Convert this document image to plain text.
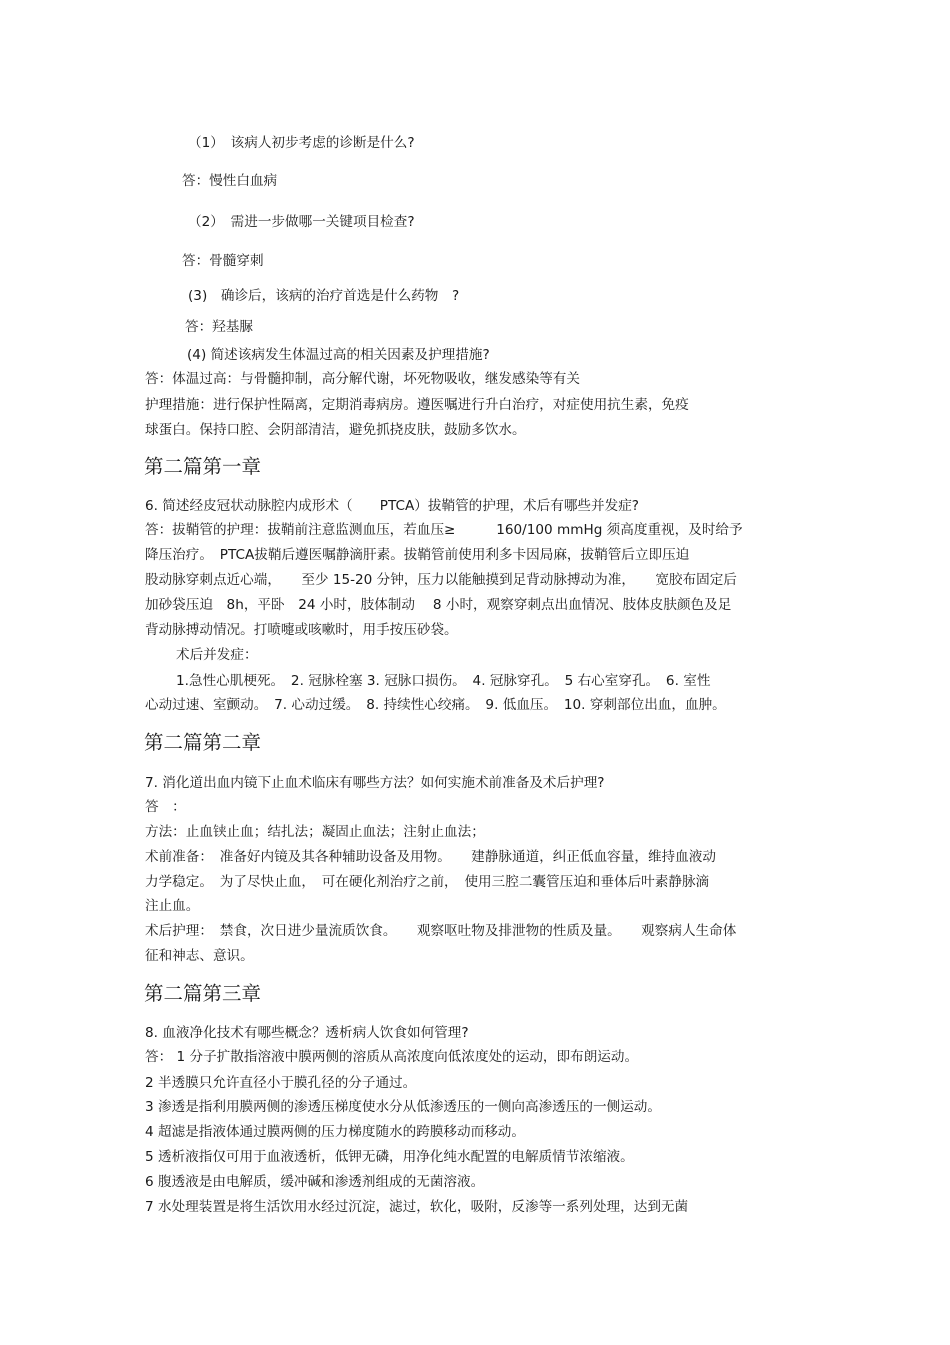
（1）　该病人初步考虑的诊断是什么?
答：慢性白血病
（2）　需进一步做哪一关键项目检查?
答：骨髓穿刺
(3)　确诊后，该病的治疗首选是什么药物　?
答：羟基脲
(4) 简述该病发生体温过高的相关因素及护理措施?
答：体温过高：与骨髓抑制，高分解代谢，坏死物吸收，继发感染等有关
护理措施：进行保护性隔离，定期消毒病房。遵医嘱进行升白治疗，对症使用抗生素，免疫
球蛋白。保持口腔、会阴部清洁，避免抓挠皮肤，鼓励多饮水。
第二篇第一章
6. 简述经皮冠状动脉腔内成形术（　　PTCA）拔鞘管的护理，术后有哪些并发症?
答：拔鞘管的护理：拔鞘前注意监测血压，若血压≥　　　160/100 mmHg 须高度重视，及时给予
降压治疗。　PTCA拔鞘后遵医嘱静滴肝素。拔鞘管前使用利多卡因局麻，拔鞘管后立即压迫
股动脉穿刺点近心端，　　至少 15-20 分钟，压力以能触摸到足背动脉搏动为准，　　宽胶布固定后
加砂袋压迫　8h，平卧　24 小时，肢体制动　 8 小时，观察穿刺点出血情况、肢体皮肤颜色及足
背动脉搏动情况。打喷嚏或咳嗽时，用手按压砂袋。
术后并发症：
1.急性心肌梗死。　2. 冠脉栓塞 3. 冠脉口损伤。　4. 冠脉穿孔。　5 右心室穿孔。　6. 室性
心动过速、室颤动。　7. 心动过缓。　8. 持续性心绞痛。　9. 低血压。　10. 穿刺部位出血，血肿。
第二篇第二章
7. 消化道出血内镜下止血术临床有哪些方法？如何实施术前准备及术后护理?
答　：
方法：止血铗止血；结扎法；凝固止血法；注射止血法；
术前准备：　准备好内镜及其各种辅助设备及用物。　　建静脉通道，纠正低血容量，维持血液动
力学稳定。　为了尽快止血，　可在硬化剂治疗之前，　使用三腔二囊管压迫和垂体后叶素静脉滴
注止血。
术后护理：　禁食，次日进少量流质饮食。　　观察呕吐物及排泄物的性质及量。　　观察病人生命体
征和神志、意识。
第二篇第三章
8. 血液净化技术有哪些概念？透析病人饮食如何管理?
答： 1 分子扩散指溶液中膜两侧的溶质从高浓度向低浓度处的运动，即布朗运动。
2 半透膜只允许直径小于膜孔径的分子通过。
3 渗透是指利用膜两侧的渗透压梯度使水分从低渗透压的一侧向高渗透压的一侧运动。
4 超滤是指液体通过膜两侧的压力梯度随水的跨膜移动而移动。
5 透析液指仅可用于血液透析，低钾无磷，用净化纯水配置的电解质情节浓缩液。
6 腹透液是由电解质，缓冲碱和渗透剂组成的无菌溶液。
7 水处理装置是将生活饮用水经过沉淀，滤过，软化，吸附，反渗等一系列处理，达到无菌
